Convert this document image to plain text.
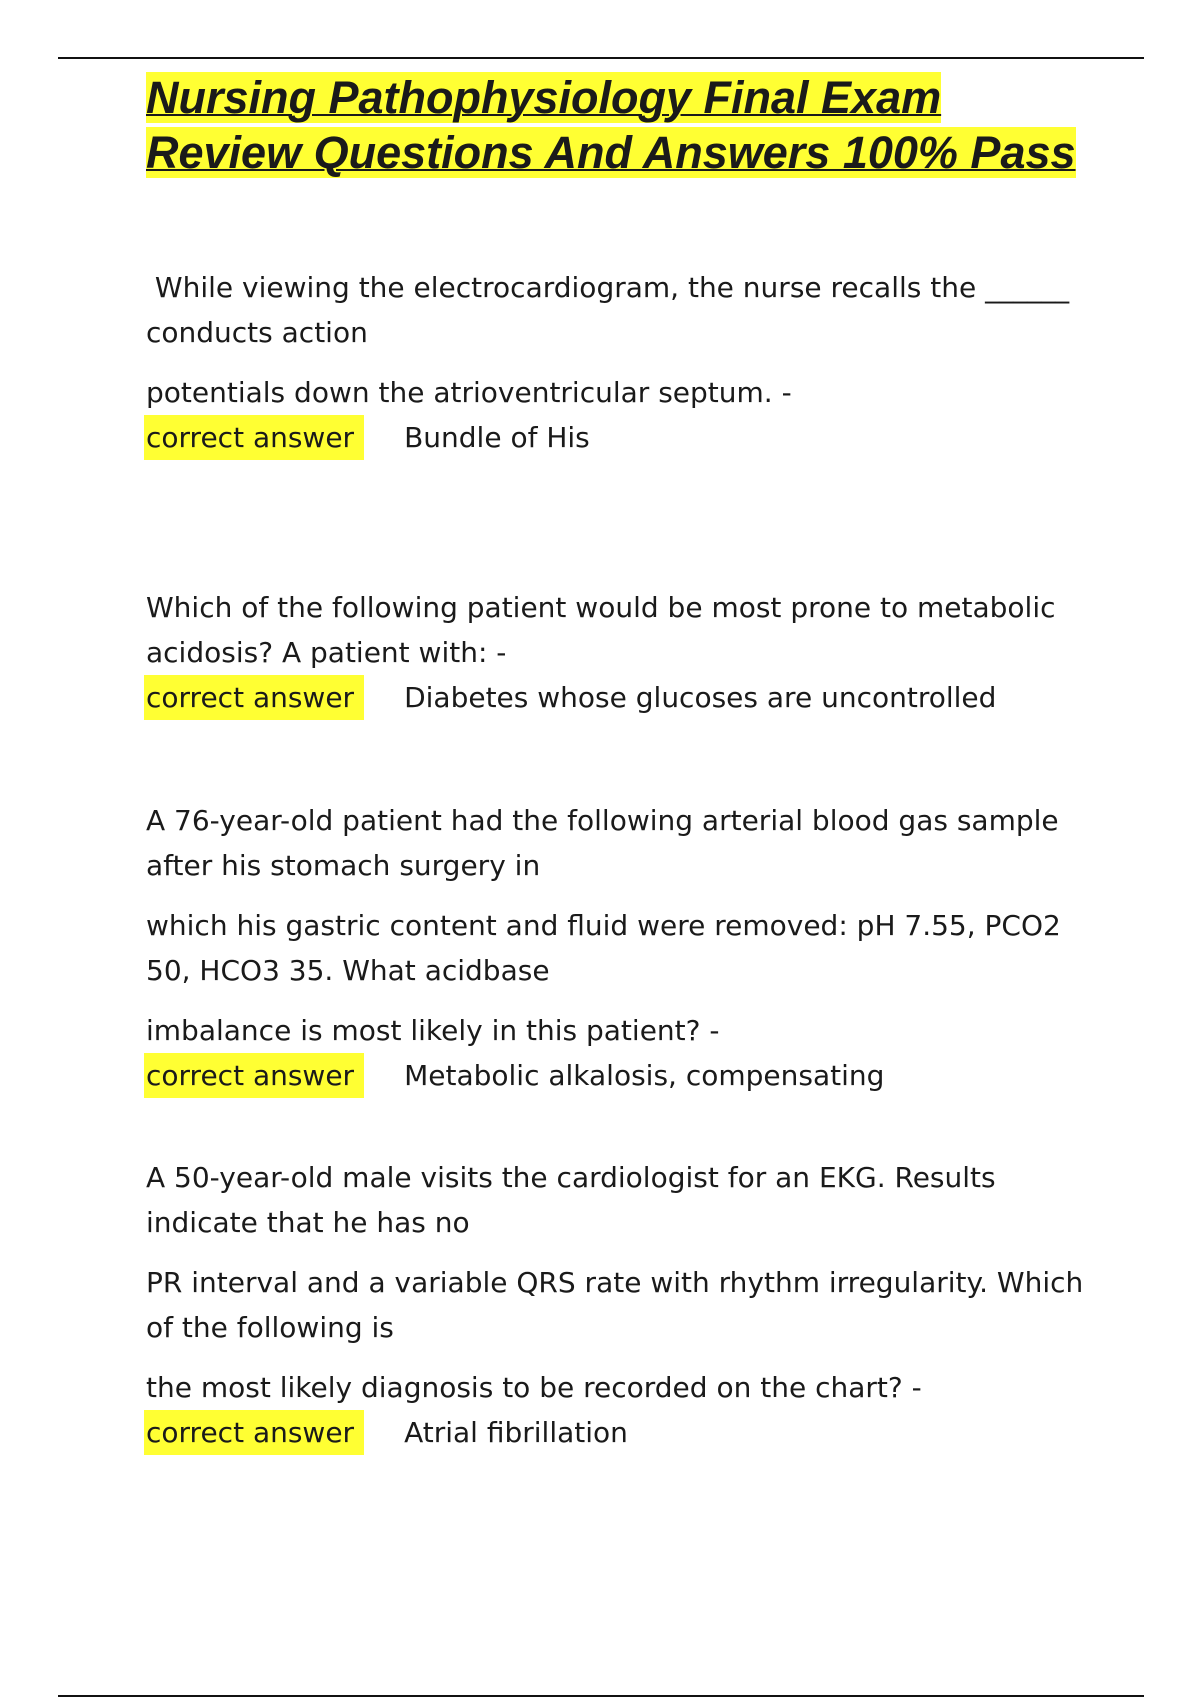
Nursing Pathophysiology Final Exam Review Questions And Answers 100% Pass

While viewing the electrocardiogram, the nurse recalls the ______ conducts action

potentials down the atrioventricular septum. -

correct answer	Bundle of His

Which of the following patient would be most prone to metabolic acidosis? A patient with: -

correct answer	Diabetes whose glucoses are uncontrolled

A 76-year-old patient had the following arterial blood gas sample after his stomach surgery in

which his gastric content and fluid were removed: pH 7.55, PCO2 50, HCO3 35. What acidbase

imbalance is most likely in this patient? -

correct answer	Metabolic alkalosis, compensating

A 50-year-old male visits the cardiologist for an EKG. Results indicate that he has no

PR interval and a variable QRS rate with rhythm irregularity. Which of the following is

the most likely diagnosis to be recorded on the chart? -

correct answer	Atrial fibrillation
